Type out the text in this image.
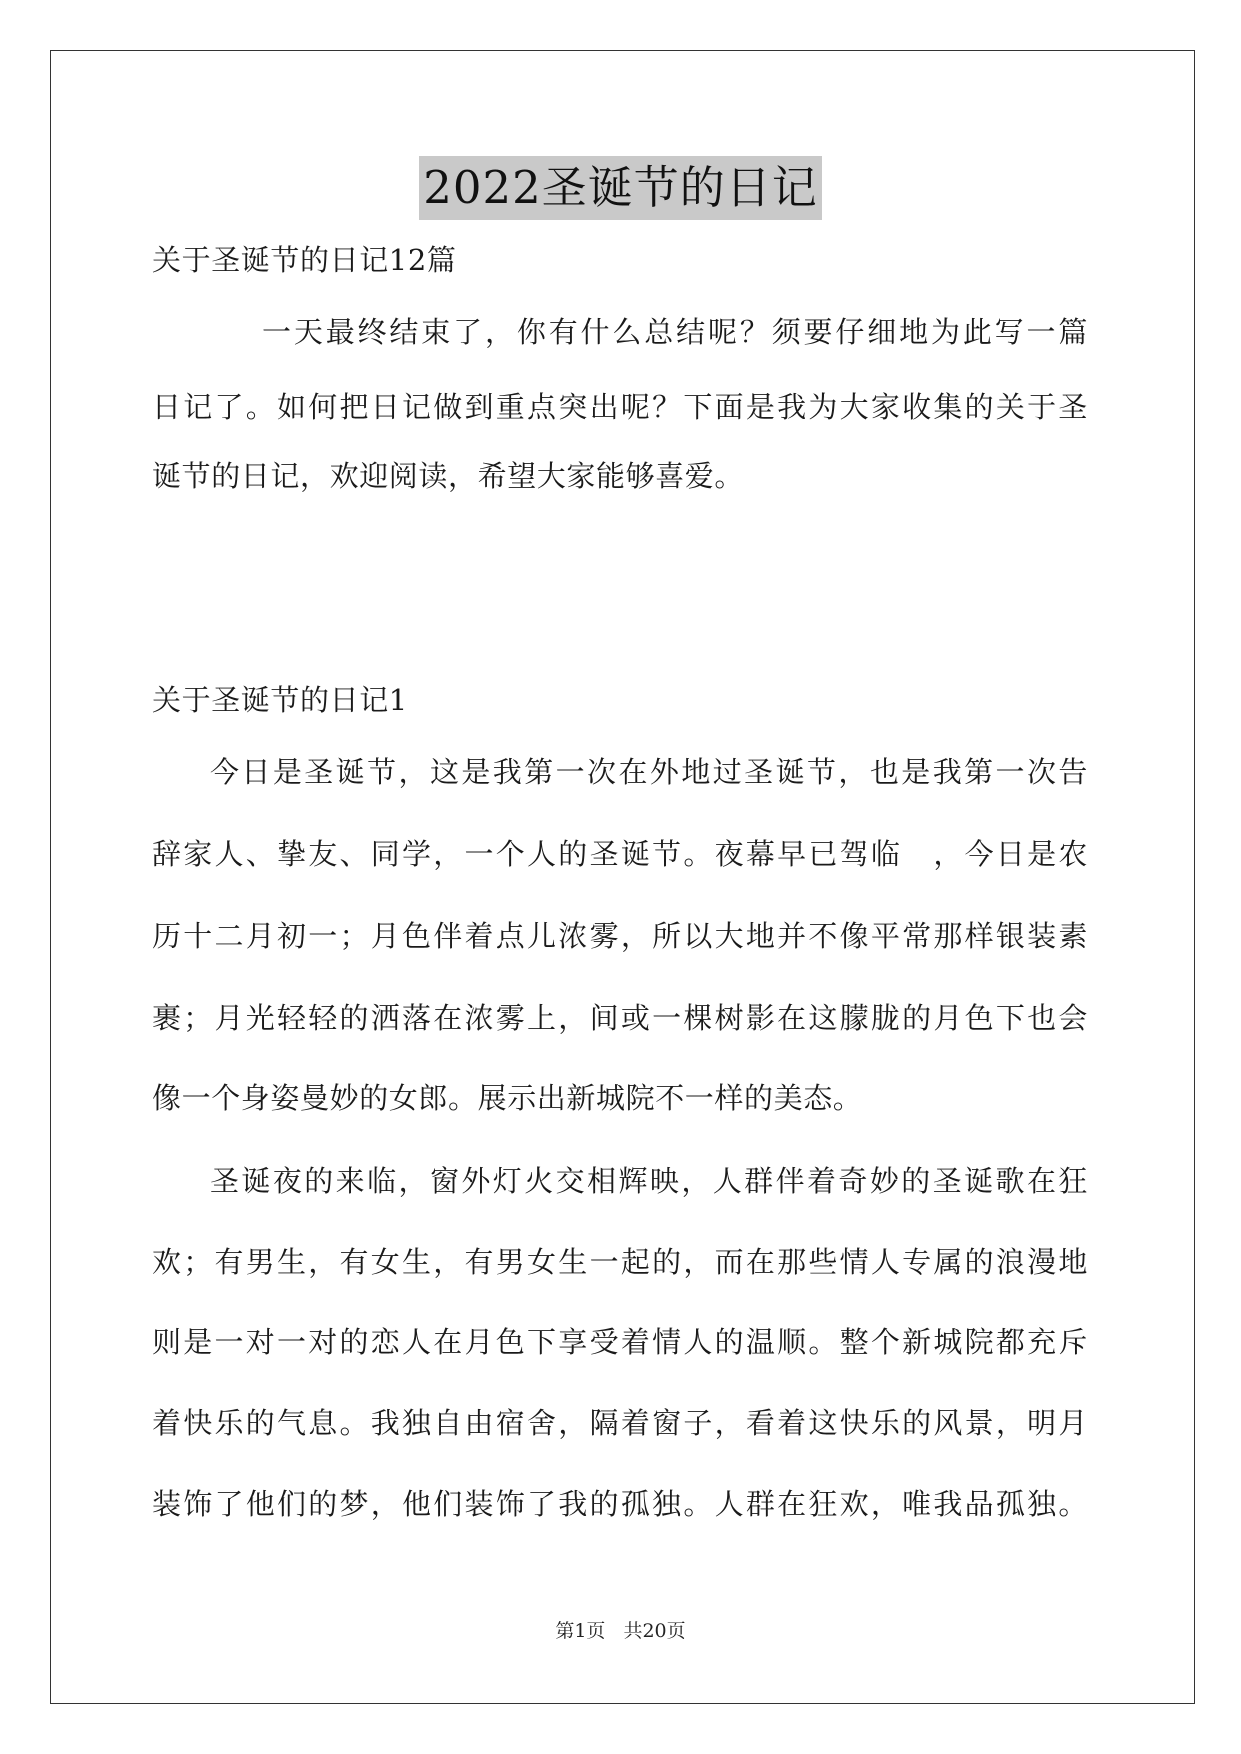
2022圣诞节的日记
关于圣诞节的日记12篇
一天最终结束了，你有什么总结呢？须要仔细地为此写一篇
日记了。如何把日记做到重点突出呢？下面是我为大家收集的关于圣
诞节的日记，欢迎阅读，希望大家能够喜爱。
关于圣诞节的日记1
今日是圣诞节，这是我第一次在外地过圣诞节，也是我第一次告
辞家人、挚友、同学，一个人的圣诞节。夜幕早已驾临　，今日是农
历十二月初一；月色伴着点儿浓雾，所以大地并不像平常那样银装素
裹；月光轻轻的洒落在浓雾上，间或一棵树影在这朦胧的月色下也会
像一个身姿曼妙的女郎。展示出新城院不一样的美态。
圣诞夜的来临，窗外灯火交相辉映，人群伴着奇妙的圣诞歌在狂
欢；有男生，有女生，有男女生一起的，而在那些情人专属的浪漫地
则是一对一对的恋人在月色下享受着情人的温顺。整个新城院都充斥
着快乐的气息。我独自由宿舍，隔着窗子，看着这快乐的风景，明月
装饰了他们的梦，他们装饰了我的孤独。人群在狂欢，唯我品孤独。
第1页 共20页
